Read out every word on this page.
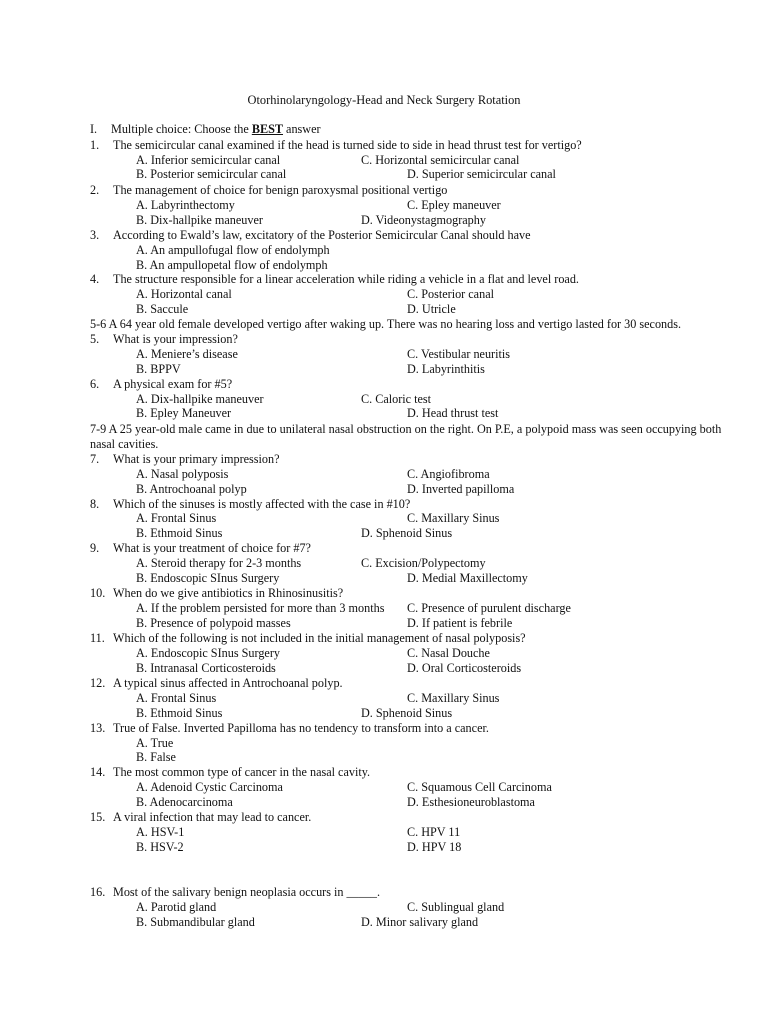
Otorhinolaryngology-Head and Neck Surgery Rotation
I. Multiple choice: Choose the BEST answer
1. The semicircular canal examined if the head is turned side to side in head thrust test for vertigo?
A. Inferior semicircular canal	C. Horizontal semicircular canal
B. Posterior semicircular canal	D. Superior semicircular canal
2. The management of choice for benign paroxysmal positional vertigo
A. Labyrinthectomy	C. Epley maneuver
B. Dix-hallpike maneuver	D. Videonystagmography
3. According to Ewald’s law, excitatory of the Posterior Semicircular Canal should have
A. An ampullofugal flow of endolymph
B. An ampullopetal flow of endolymph
4. The structure responsible for a linear acceleration while riding a vehicle in a flat and level road.
A. Horizontal canal	C. Posterior canal
B. Saccule	D. Utricle
5-6 A 64 year old female developed vertigo after waking up. There was no hearing loss and vertigo lasted for 30 seconds.
5. What is your impression?
A. Meniere’s disease	C. Vestibular neuritis
B. BPPV	D. Labyrinthitis
6. A physical exam for #5?
A. Dix-hallpike maneuver	C. Caloric test
B. Epley Maneuver	D. Head thrust test
7-9 A 25 year-old male came in due to unilateral nasal obstruction on the right. On P.E, a polypoid mass was seen occupying both nasal cavities.
7. What is your primary impression?
A. Nasal polyposis	C. Angiofibroma
B. Antrochoanal polyp	D. Inverted papilloma
8. Which of the sinuses is mostly affected with the case in #10?
A. Frontal Sinus	C. Maxillary Sinus
B. Ethmoid Sinus	D. Sphenoid Sinus
9. What is your treatment of choice for #7?
A. Steroid therapy for 2-3 months	C. Excision/Polypectomy
B. Endoscopic SInus Surgery	D. Medial Maxillectomy
10. When do we give antibiotics in Rhinosinusitis?
A. If the problem persisted for more than 3 months C. Presence of purulent discharge
B. Presence of polypoid masses	D. If patient is febrile
11. Which of the following is not included in the initial management of nasal polyposis?
A. Endoscopic SInus Surgery	C. Nasal Douche
B. Intranasal Corticosteroids	D. Oral Corticosteroids
12. A typical sinus affected in Antrochoanal polyp.
A. Frontal Sinus	C. Maxillary Sinus
B. Ethmoid Sinus	D. Sphenoid Sinus
13. True of False. Inverted Papilloma has no tendency to transform into a cancer.
A. True
B. False
14. The most common type of cancer in the nasal cavity.
A. Adenoid Cystic Carcinoma	C. Squamous Cell Carcinoma
B. Adenocarcinoma	D. Esthesioneuroblastoma
15. A viral infection that may lead to cancer.
A. HSV-1	C. HPV 11
B. HSV-2	D. HPV 18
16. Most of the salivary benign neoplasia occurs in _____.
A. Parotid gland	C. Sublingual gland
B. Submandibular gland	D. Minor salivary gland
